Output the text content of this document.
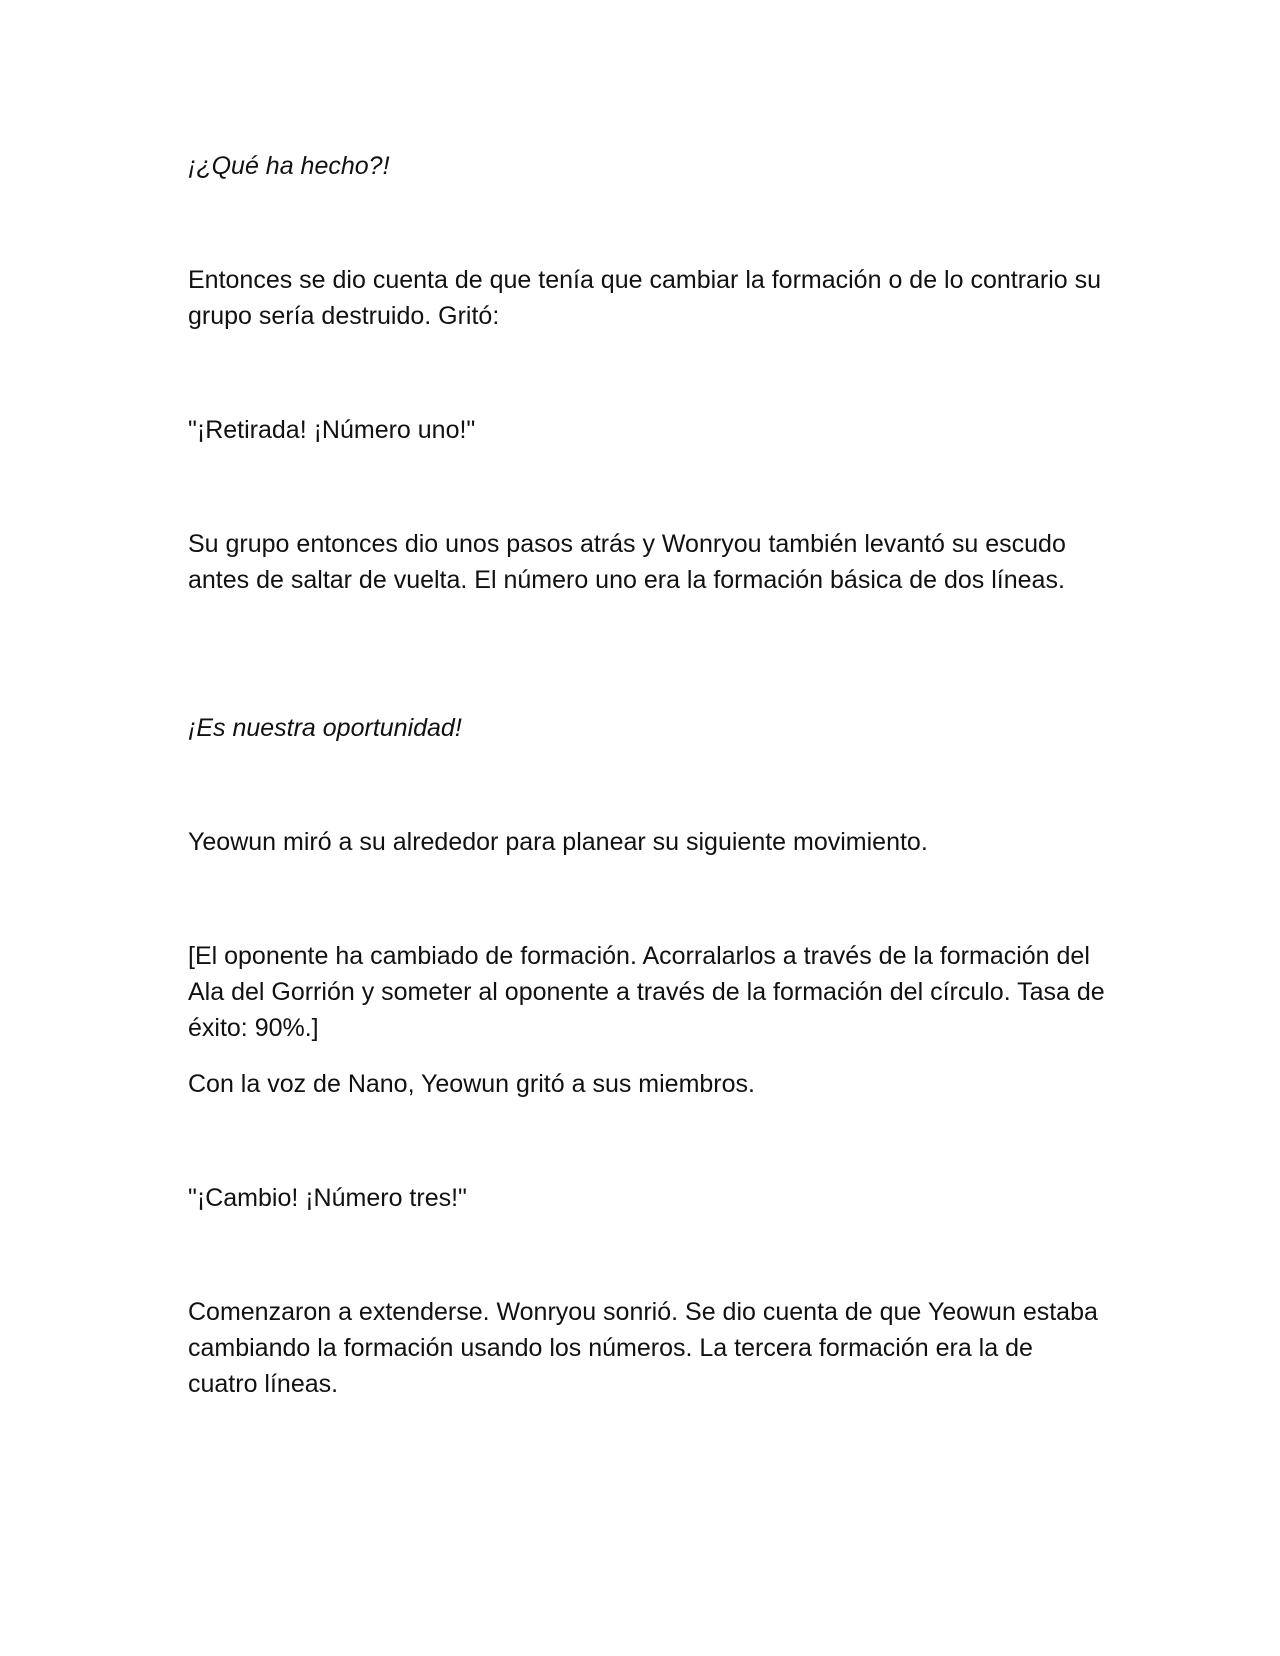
¡¿Qué ha hecho?!

Entonces se dio cuenta de que tenía que cambiar la formación o de lo contrario su grupo sería destruido. Gritó:

"¡Retirada! ¡Número uno!"

Su grupo entonces dio unos pasos atrás y Wonryou también levantó su escudo antes de saltar de vuelta. El número uno era la formación básica de dos líneas.

¡Es nuestra oportunidad!

Yeowun miró a su alrededor para planear su siguiente movimiento.

[El oponente ha cambiado de formación. Acorralarlos a través de la formación del Ala del Gorrión y someter al oponente a través de la formación del círculo. Tasa de éxito: 90%.]

Con la voz de Nano, Yeowun gritó a sus miembros.

"¡Cambio! ¡Número tres!"

Comenzaron a extenderse. Wonryou sonrió. Se dio cuenta de que Yeowun estaba cambiando la formación usando los números. La tercera formación era la de cuatro líneas.
